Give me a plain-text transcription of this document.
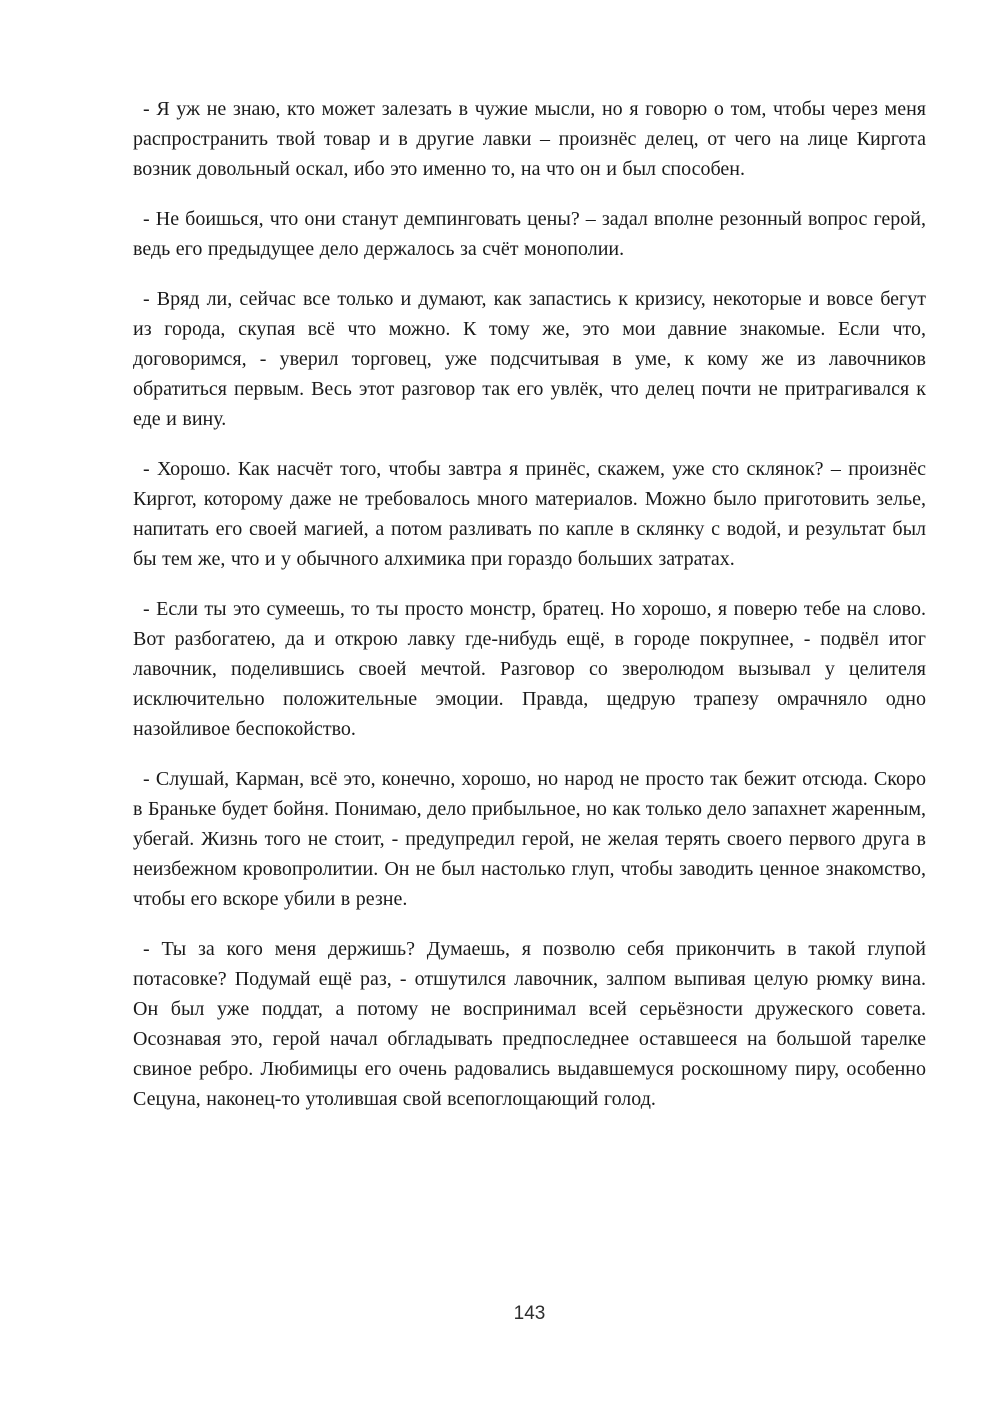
- Я уж не знаю, кто может залезать в чужие мысли, но я говорю о том, чтобы через меня распространить твой товар и в другие лавки – произнёс делец, от чего на лице Киргота возник довольный оскал, ибо это именно то, на что он и был способен.

- Не боишься, что они станут демпинговать цены? – задал вполне резонный вопрос герой, ведь его предыдущее дело держалось за счёт монополии.

- Вряд ли, сейчас все только и думают, как запастись к кризису, некоторые и вовсе бегут из города, скупая всё что можно. К тому же, это мои давние знакомые. Если что, договоримся, - уверил торговец, уже подсчитывая в уме, к кому же из лавочников обратиться первым. Весь этот разговор так его увлёк, что делец почти не притрагивался к еде и вину.

- Хорошо. Как насчёт того, чтобы завтра я принёс, скажем, уже сто склянок? – произнёс Киргот, которому даже не требовалось много материалов. Можно было приготовить зелье, напитать его своей магией, а потом разливать по капле в склянку с водой, и результат был бы тем же, что и у обычного алхимика при гораздо больших затратах.

- Если ты это сумеешь, то ты просто монстр, братец. Но хорошо, я поверю тебе на слово. Вот разбогатею, да и открою лавку где-нибудь ещё, в городе покрупнее, - подвёл итог лавочник, поделившись своей мечтой. Разговор со зверолюдом вызывал у целителя исключительно положительные эмоции. Правда, щедрую трапезу омрачняло одно назойливое беспокойство.

- Слушай, Карман, всё это, конечно, хорошо, но народ не просто так бежит отсюда. Скоро в Браньке будет бойня. Понимаю, дело прибыльное, но как только дело запахнет жаренным, убегай. Жизнь того не стоит, - предупредил герой, не желая терять своего первого друга в неизбежном кровопролитии. Он не был настолько глуп, чтобы заводить ценное знакомство, чтобы его вскоре убили в резне.

- Ты за кого меня держишь? Думаешь, я позволю себя прикончить в такой глупой потасовке? Подумай ещё раз, - отшутился лавочник, залпом выпивая целую рюмку вина. Он был уже поддат, а потому не воспринимал всей серьёзности дружеского совета. Осознавая это, герой начал обгладывать предпоследнее оставшееся на большой тарелке свиное ребро. Любимицы его очень радовались выдавшемуся роскошному пиру, особенно Сецуна, наконец-то утолившая свой всепоглощающий голод.

143
